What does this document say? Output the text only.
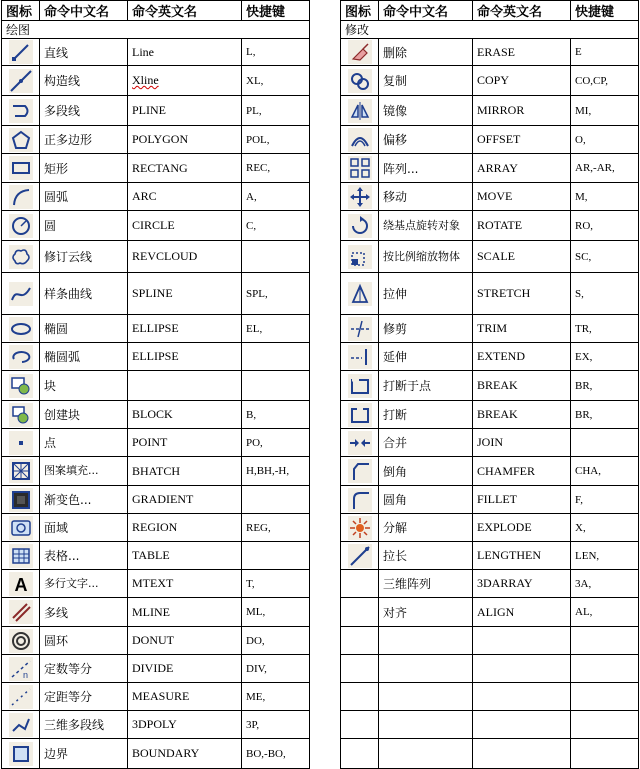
图标	命令中文名	命令英文名	快捷键
绘图			

	直线	Line	L,

	构造线	Xline	XL,

	多段线	PLINE	PL,

	正多边形	POLYGON	POL,

	矩形	RECTANG	REC,

	圆弧	ARC	A,

	圆	CIRCLE	C,

	修订云线	REVCLOUD	

	样条曲线	SPLINE	SPL,

	椭圆	ELLIPSE	EL,

	椭圆弧	ELLIPSE	

	块		

	创建块	BLOCK	B,

	点	POINT	PO,

	图案填充...	BHATCH	H,BH,-H,

	渐变色...	GRADIENT	

	面域	REGION	REG,

	表格...	TABLE	

A	多行文字...	MTEXT	T,

	多线	MLINE	ML,

	圆环	DONUT	DO,

n	定数等分	DIVIDE	DIV,

	定距等分	MEASURE	ME,

	三维多段线	3DPOLY	3P,

	边界	BOUNDARY	BO,-BO,
图标	命令中文名	命令英文名	快捷键
修改			

	删除	ERASE	E

	复制	COPY	CO,CP,

	镜像	MIRROR	MI,

	偏移	OFFSET	O,

	阵列...	ARRAY	AR,-AR,

	移动	MOVE	M,

	绕基点旋转对象	ROTATE	RO,

	按比例缩放物体	SCALE	SC,

	拉伸	STRETCH	S,

	修剪	TRIM	TR,

	延伸	EXTEND	EX,

	打断于点	BREAK	BR,

	打断	BREAK	BR,

	合并	JOIN	

	倒角	CHAMFER	CHA,

	圆角	FILLET	F,

	分解	EXPLODE	X,

	拉长	LENGTHEN	LEN,
	三维阵列	3DARRAY	3A,
	对齐	ALIGN	AL,
